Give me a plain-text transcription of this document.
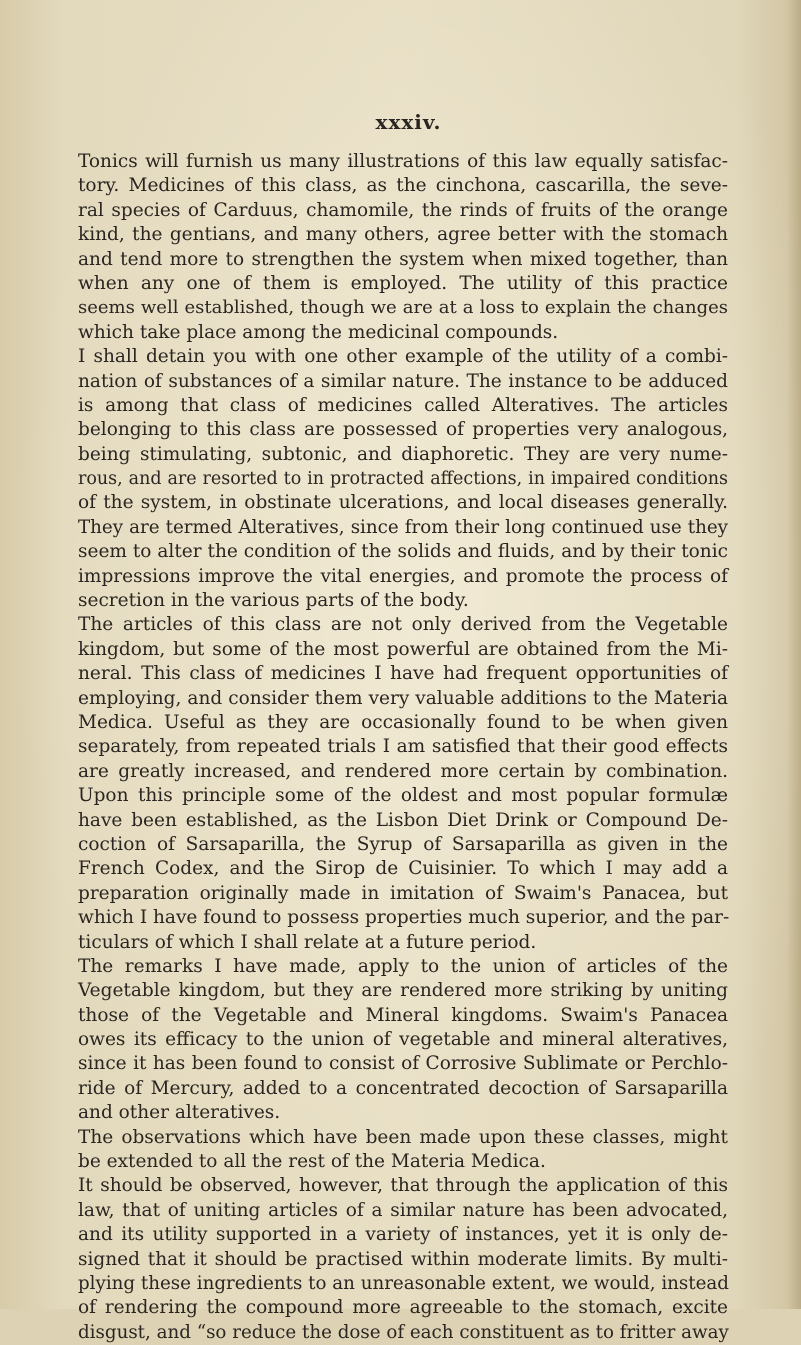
xxxiv.
Tonics will furnish us many illustrations of this law equally satisfac-
tory. Medicines of this class, as the cinchona, cascarilla, the seve-
ral species of Carduus, chamomile, the rinds of fruits of the orange
kind, the gentians, and many others, agree better with the stomach
and tend more to strengthen the system when mixed together, than
when any one of them is employed. The utility of this practice
seems well established, though we are at a loss to explain the changes
which take place among the medicinal compounds.
I shall detain you with one other example of the utility of a combi-
nation of substances of a similar nature. The instance to be adduced
is among that class of medicines called Alteratives. The articles
belonging to this class are possessed of properties very analogous,
being stimulating, subtonic, and diaphoretic. They are very nume-
rous, and are resorted to in protracted affections, in impaired conditions
of the system, in obstinate ulcerations, and local diseases generally.
They are termed Alteratives, since from their long continued use they
seem to alter the condition of the solids and fluids, and by their tonic
impressions improve the vital energies, and promote the process of
secretion in the various parts of the body.
The articles of this class are not only derived from the Vegetable
kingdom, but some of the most powerful are obtained from the Mi-
neral. This class of medicines I have had frequent opportunities of
employing, and consider them very valuable additions to the Materia
Medica. Useful as they are occasionally found to be when given
separately, from repeated trials I am satisfied that their good effects
are greatly increased, and rendered more certain by combination.
Upon this principle some of the oldest and most popular formulæ
have been established, as the Lisbon Diet Drink or Compound De-
coction of Sarsaparilla, the Syrup of Sarsaparilla as given in the
French Codex, and the Sirop de Cuisinier. To which I may add a
preparation originally made in imitation of Swaim's Panacea, but
which I have found to possess properties much superior, and the par-
ticulars of which I shall relate at a future period.
The remarks I have made, apply to the union of articles of the
Vegetable kingdom, but they are rendered more striking by uniting
those of the Vegetable and Mineral kingdoms. Swaim's Panacea
owes its efficacy to the union of vegetable and mineral alteratives,
since it has been found to consist of Corrosive Sublimate or Perchlo-
ride of Mercury, added to a concentrated decoction of Sarsaparilla
and other alteratives.
The observations which have been made upon these classes, might
be extended to all the rest of the Materia Medica.
It should be observed, however, that through the application of this
law, that of uniting articles of a similar nature has been advocated,
and its utility supported in a variety of instances, yet it is only de-
signed that it should be practised within moderate limits. By multi-
plying these ingredients to an unreasonable extent, we would, instead
of rendering the compound more agreeable to the stomach, excite
disgust, and “so reduce the dose of each constituent as to fritter away
